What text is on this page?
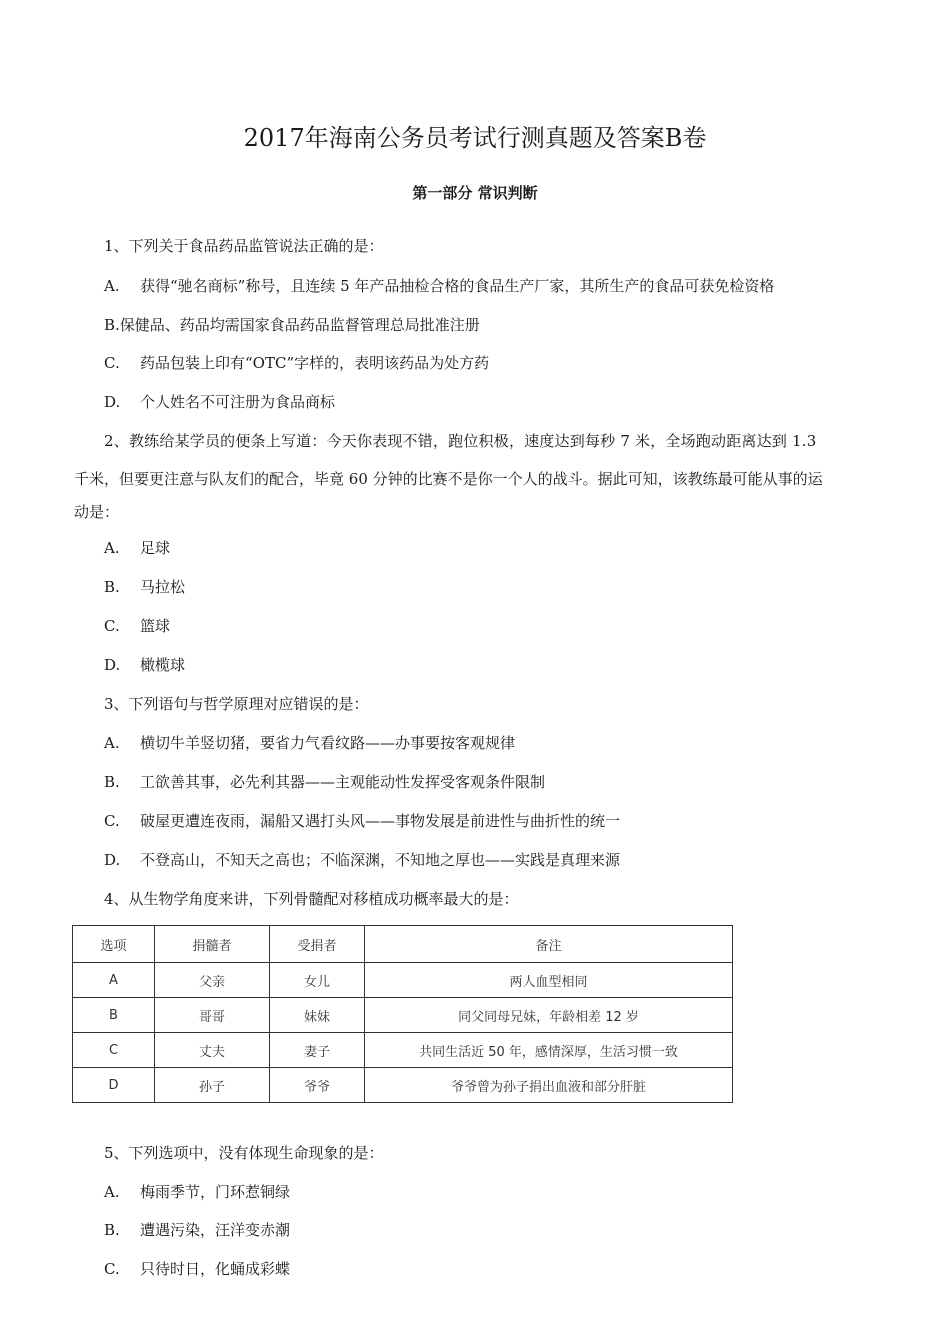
2017年海南公务员考试行测真题及答案B卷
第一部分 常识判断
1、下列关于食品药品监管说法正确的是：
A. 获得“驰名商标”称号，且连续 5 年产品抽检合格的食品生产厂家，其所生产的食品可获免检资格
B.保健品、药品均需国家食品药品监督管理总局批准注册
C. 药品包装上印有“OTC”字样的，表明该药品为处方药
D. 个人姓名不可注册为食品商标
2、教练给某学员的便条上写道：今天你表现不错，跑位积极，速度达到每秒 7 米，全场跑动距离达到 1.3
千米，但要更注意与队友们的配合，毕竟 60 分钟的比赛不是你一个人的战斗。据此可知，该教练最可能从事的运
动是：
A. 足球
B. 马拉松
C. 篮球
D. 橄榄球
3、下列语句与哲学原理对应错误的是：
A. 横切牛羊竖切猪，要省力气看纹路——办事要按客观规律
B. 工欲善其事，必先利其器——主观能动性发挥受客观条件限制
C. 破屋更遭连夜雨，漏船又遇打头风——事物发展是前进性与曲折性的统一
D. 不登高山，不知天之高也；不临深渊，不知地之厚也——实践是真理来源
4、从生物学角度来讲，下列骨髓配对移植成功概率最大的是：
选项	捐髓者	受捐者	备注
A	父亲	女儿	两人血型相同
B	哥哥	妹妹	同父同母兄妹，年龄相差 12 岁
C	丈夫	妻子	共同生活近 50 年，感情深厚，生活习惯一致
D	孙子	爷爷	爷爷曾为孙子捐出血液和部分肝脏
5、下列选项中，没有体现生命现象的是：
A. 梅雨季节，门环惹铜绿
B. 遭遇污染，汪洋变赤潮
C. 只待时日，化蛹成彩蝶
